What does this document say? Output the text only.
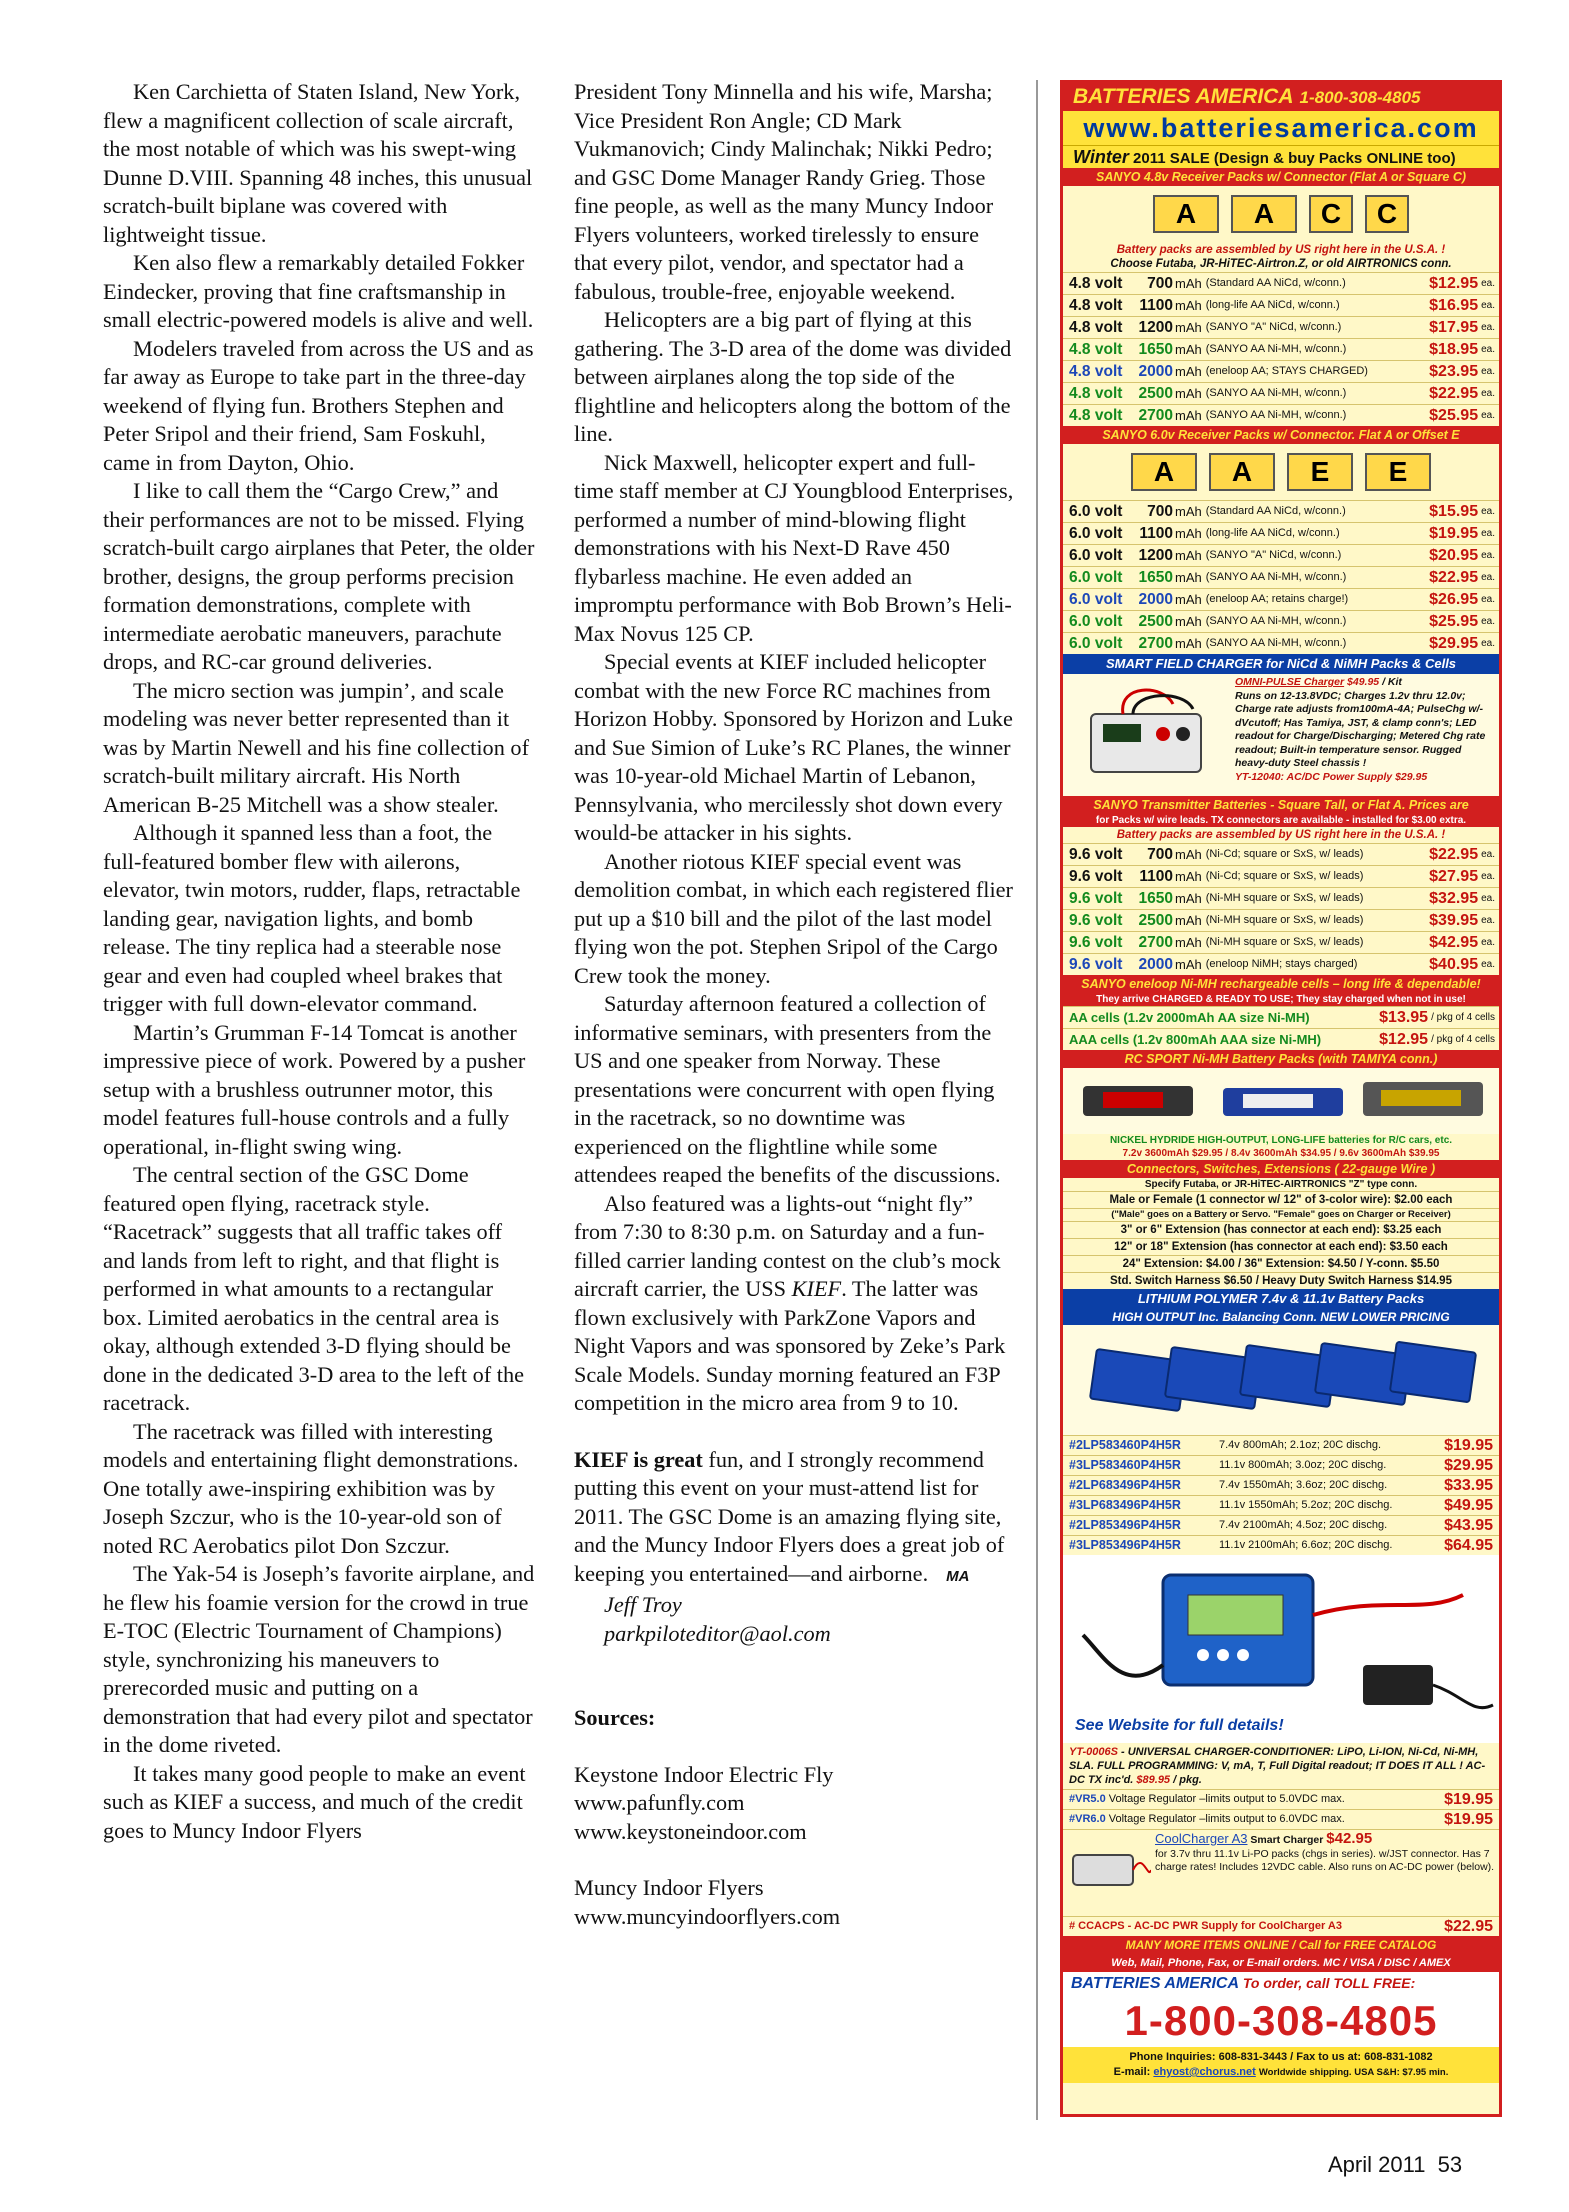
Ken Carchietta of Staten Island, New York, flew a magnificent collection of scale aircraft, the most notable of which was his swept-wing Dunne D.VIII. Spanning 48 inches, this unusual scratch-built biplane was covered with lightweight tissue.

Ken also flew a remarkably detailed Fokker Eindecker, proving that fine craftsmanship in small electric-powered models is alive and well.

Modelers traveled from across the US and as far away as Europe to take part in the three-day weekend of flying fun. Brothers Stephen and Peter Sripol and their friend, Sam Foskuhl, came in from Dayton, Ohio.

I like to call them the “Cargo Crew,” and their performances are not to be missed. Flying scratch-built cargo airplanes that Peter, the older brother, designs, the group performs precision formation demonstrations, complete with intermediate aerobatic maneuvers, parachute drops, and RC-car ground deliveries.

The micro section was jumpin’, and scale modeling was never better represented than it was by Martin Newell and his fine collection of scratch-built military aircraft. His North American B-25 Mitchell was a show stealer.

Although it spanned less than a foot, the full-featured bomber flew with ailerons, elevator, twin motors, rudder, flaps, retractable landing gear, navigation lights, and bomb release. The tiny replica had a steerable nose gear and even had coupled wheel brakes that trigger with full down-elevator command.

Martin’s Grumman F-14 Tomcat is another impressive piece of work. Powered by a pusher setup with a brushless outrunner motor, this model features full-house controls and a fully operational, in-flight swing wing.

The central section of the GSC Dome featured open flying, racetrack style. “Racetrack” suggests that all traffic takes off and lands from left to right, and that flight is performed in what amounts to a rectangular box. Limited aerobatics in the central area is okay, although extended 3-D flying should be done in the dedicated 3-D area to the left of the racetrack.

The racetrack was filled with interesting models and entertaining flight demonstrations. One totally awe-inspiring exhibition was by Joseph Szczur, who is the 10-year-old son of noted RC Aerobatics pilot Don Szczur.

The Yak-54 is Joseph’s favorite airplane, and he flew his foamie version for the crowd in true E-TOC (Electric Tournament of Champions) style, synchronizing his maneuvers to prerecorded music and putting on a demonstration that had every pilot and spectator in the dome riveted.

It takes many good people to make an event such as KIEF a success, and much of the credit goes to Muncy Indoor Flyers

President Tony Minnella and his wife, Marsha; Vice President Ron Angle; CD Mark Vukmanovich; Cindy Malinchak; Nikki Pedro; and GSC Dome Manager Randy Grieg. Those fine people, as well as the many Muncy Indoor Flyers volunteers, worked tirelessly to ensure that every pilot, vendor, and spectator had a fabulous, trouble-free, enjoyable weekend.

Helicopters are a big part of flying at this gathering. The 3-D area of the dome was divided between airplanes along the top side of the flightline and helicopters along the bottom of the line.

Nick Maxwell, helicopter expert and full-time staff member at CJ Youngblood Enterprises, performed a number of mind-blowing flight demonstrations with his Next-D Rave 450 flybarless machine. He even added an impromptu performance with Bob Brown’s Heli-Max Novus 125 CP.

Special events at KIEF included helicopter combat with the new Force RC machines from Horizon Hobby. Sponsored by Horizon and Luke and Sue Simion of Luke’s RC Planes, the winner was 10-year-old Michael Martin of Lebanon, Pennsylvania, who mercilessly shot down every would-be attacker in his sights.

Another riotous KIEF special event was demolition combat, in which each registered flier put up a $10 bill and the pilot of the last model flying won the pot. Stephen Sripol of the Cargo Crew took the money.

Saturday afternoon featured a collection of informative seminars, with presenters from the US and one speaker from Norway. These presentations were concurrent with open flying in the racetrack, so no downtime was experienced on the flightline while some attendees reaped the benefits of the discussions.

Also featured was a lights-out “night fly” from 7:30 to 8:30 p.m. on Saturday and a fun-filled carrier landing contest on the club’s mock aircraft carrier, the USS KIEF. The latter was flown exclusively with ParkZone Vapors and Night Vapors and was sponsored by Zeke’s Park Scale Models. Sunday morning featured an F3P competition in the micro area from 9 to 10.

KIEF is great fun, and I strongly recommend putting this event on your must-attend list for 2011. The GSC Dome is an amazing flying site, and the Muncy Indoor Flyers does a great job of keeping you entertained—and airborne. MA

Jeff Troy

parkpiloteditor@aol.com

Sources:

Keystone Indoor Electric Fly

www.pafunfly.com

www.keystoneindoor.com

Muncy Indoor Flyers

www.muncyindoorflyers.com

BATTERIES AMERICA 1-800-308-4805
www.batteriesamerica.com
Winter 2011 SALE (Design & buy Packs ONLINE too)
SANYO 4.8v Receiver Packs w/ Connector (Flat A or Square C)
A	A	C	C
Battery packs are assembled by US right here in the U.S.A. !
Choose Futaba, JR-HiTEC-Airtron.Z, or old AIRTRONICS conn.
4.8 volt	700 mAh (Standard AA NiCd, w/conn.)	$12.95 ea.
4.8 volt	1100 mAh (long-life AA NiCd, w/conn.)	$16.95 ea.
4.8 volt	1200 mAh (SANYO "A" NiCd, w/conn.)	$17.95 ea.
4.8 volt	1650 mAh (SANYO AA Ni-MH, w/conn.)	$18.95 ea.
4.8 volt	2000 mAh (eneloop AA; STAYS CHARGED)	$23.95 ea.
4.8 volt	2500 mAh (SANYO AA Ni-MH, w/conn.)	$22.95 ea.
4.8 volt	2700 mAh (SANYO AA Ni-MH, w/conn.)	$25.95 ea.
SANYO 6.0v Receiver Packs w/ Connector. Flat A or Offset E
A	A	E	E
6.0 volt	700 mAh (Standard AA NiCd, w/conn.)	$15.95 ea.
6.0 volt	1100 mAh (long-life AA NiCd, w/conn.)	$19.95 ea.
6.0 volt	1200 mAh (SANYO "A" NiCd, w/conn.)	$20.95 ea.
6.0 volt	1650 mAh (SANYO AA Ni-MH, w/conn.)	$22.95 ea.
6.0 volt	2000 mAh (eneloop AA; retains charge!)	$26.95 ea.
6.0 volt	2500 mAh (SANYO AA Ni-MH, w/conn.)	$25.95 ea.
6.0 volt	2700 mAh (SANYO AA Ni-MH, w/conn.)	$29.95 ea.
SMART FIELD CHARGER for NiCd & NiMH Packs & Cells
OMNI-PULSE Charger $49.95 / Kit
Runs on 12-13.8VDC; Charges 1.2v thru 12.0v; Charge rate adjusts from100mA-4A; PulseChg w/-dVcutoff; Has Tamiya, JST, & clamp conn's; LED readout for Charge/Discharging; Metered Chg rate readout; Built-in temperature sensor. Rugged heavy-duty Steel chassis !
YT-12040: AC/DC Power Supply $29.95
SANYO Transmitter Batteries - Square Tall, or Flat A. Prices are
for Packs w/ wire leads. TX connectors are available - installed for $3.00 extra.
Battery packs are assembled by US right here in the U.S.A. !
9.6 volt	700 mAh (Ni-Cd; square or SxS, w/ leads)	$22.95 ea.
9.6 volt	1100 mAh (Ni-Cd; square or SxS, w/ leads)	$27.95 ea.
9.6 volt	1650 mAh (Ni-MH square or SxS, w/ leads)	$32.95 ea.
9.6 volt	2500 mAh (Ni-MH square or SxS, w/ leads)	$39.95 ea.
9.6 volt	2700 mAh (Ni-MH square or SxS, w/ leads)	$42.95 ea.
9.6 volt	2000 mAh (eneloop NiMH; stays charged)	$40.95 ea.
SANYO eneloop Ni-MH rechargeable cells – long life & dependable!
They arrive CHARGED & READY TO USE; They stay charged when not in use!
AA cells (1.2v 2000mAh AA size Ni-MH)	$13.95 / pkg of 4 cells
AAA cells (1.2v 800mAh AAA size Ni-MH)	$12.95 / pkg of 4 cells
RC SPORT Ni-MH Battery Packs (with TAMIYA conn.)
NICKEL HYDRIDE HIGH-OUTPUT, LONG-LIFE batteries for R/C cars, etc.
7.2v 3600mAh $29.95 / 8.4v 3600mAh $34.95 / 9.6v 3600mAh $39.95
Connectors, Switches, Extensions ( 22-gauge Wire )
Specify Futaba, or JR-HiTEC-AIRTRONICS "Z" type conn.
Male or Female (1 connector w/ 12" of 3-color wire): $2.00 each
("Male" goes on a Battery or Servo. "Female" goes on Charger or Receiver)
3" or 6" Extension (has connector at each end): $3.25 each
12" or 18" Extension (has connector at each end): $3.50 each
24" Extension: $4.00 / 36" Extension: $4.50 / Y-conn. $5.50
Std. Switch Harness $6.50 / Heavy Duty Switch Harness $14.95
LITHIUM POLYMER 7.4v & 11.1v Battery Packs
HIGH OUTPUT Inc. Balancing Conn. NEW LOWER PRICING
#2LP583460P4H5R	7.4v 800mAh; 2.1oz; 20C dischg.	$19.95
#3LP583460P4H5R	11.1v 800mAh; 3.0oz; 20C dischg.	$29.95
#2LP683496P4H5R	7.4v 1550mAh; 3.6oz; 20C dischg.	$33.95
#3LP683496P4H5R	11.1v 1550mAh; 5.2oz; 20C dischg.	$49.95
#2LP853496P4H5R	7.4v 2100mAh; 4.5oz; 20C dischg.	$43.95
#3LP853496P4H5R	11.1v 2100mAh; 6.6oz; 20C dischg.	$64.95
See Website for full details!
YT-0006S - UNIVERSAL CHARGER-CONDITIONER: LiPO, Li-ION, Ni-Cd, Ni-MH, SLA. FULL PROGRAMMING: V, mA, T, Full Digital readout; IT DOES IT ALL ! AC-DC TX inc'd. $89.95 / pkg.
#VR5.0
Voltage Regulator –limits output to 5.0VDC max.	$19.95
#VR6.0
Voltage Regulator –limits output to 6.0VDC max.	$19.95
CoolCharger A3 Smart Charger $42.95
for 3.7v thru 11.1v Li-PO packs (chgs in series). w/JST connector. Has 7 charge rates! Includes 12VDC cable. Also runs on AC-DC power (below).
# CCACPS - AC-DC PWR Supply for CoolCharger A3	$22.95
MANY MORE ITEMS ONLINE / Call for FREE CATALOG
Web, Mail, Phone, Fax, or E-mail orders. MC / VISA / DISC / AMEX
BATTERIES AMERICA To order, call TOLL FREE:
1-800-308-4805
Phone Inquiries: 608-831-3443 / Fax to us at: 608-831-1082
E-mail: ehyost@chorus.net Worldwide shipping. USA S&H: $7.95 min.
April 2011 53
